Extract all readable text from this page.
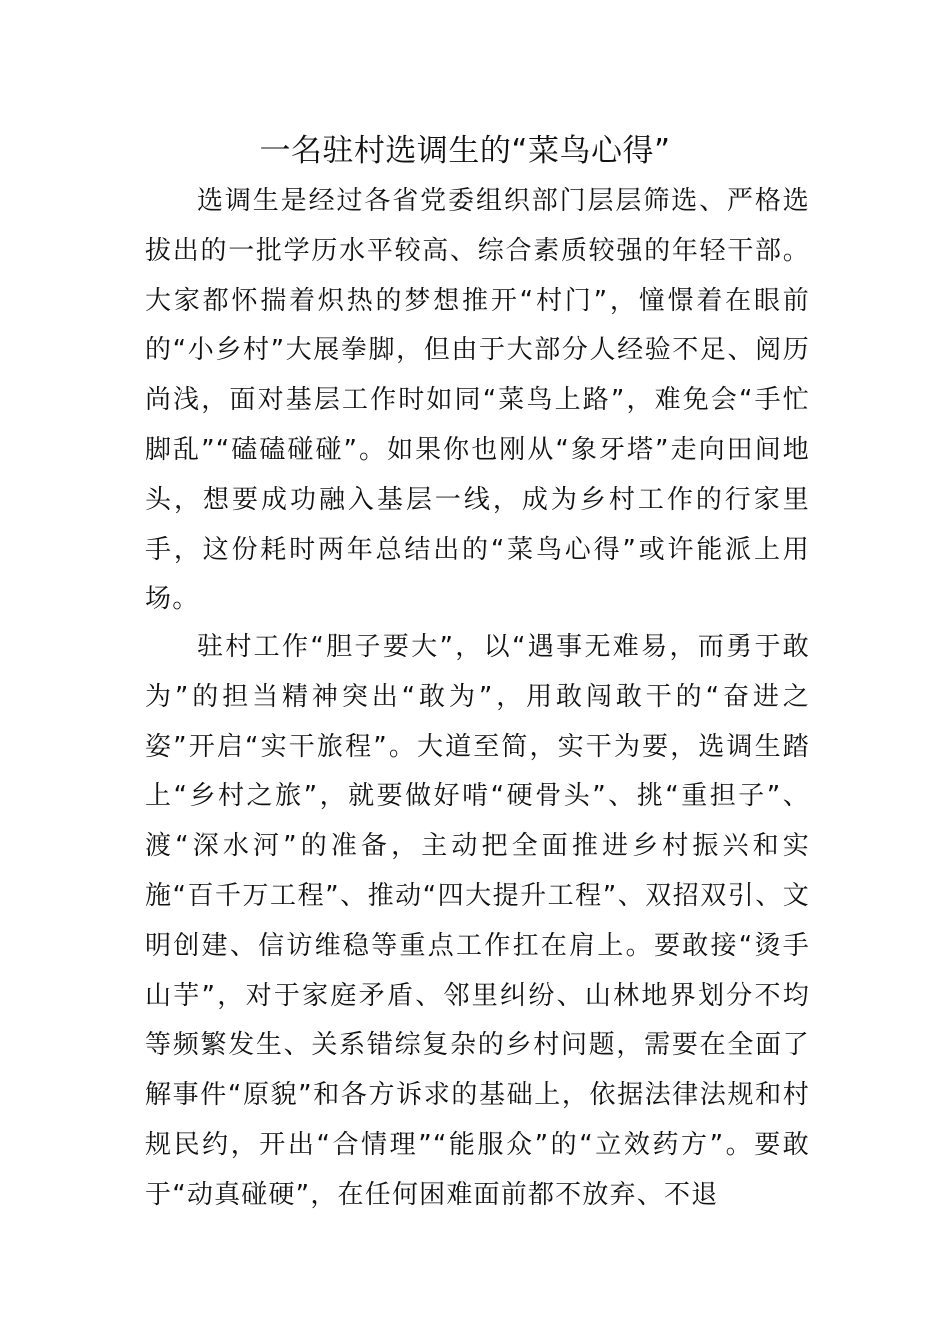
一名驻村选调生的“菜鸟心得”

选调生是经过各省党委组织部门层层筛选、严格选拔出的一批学历水平较高、综合素质较强的年轻干部。大家都怀揣着炽热的梦想推开“村门”，憧憬着在眼前的“小乡村”大展拳脚，但由于大部分人经验不足、阅历尚浅，面对基层工作时如同“菜鸟上路”，难免会“手忙脚乱”“磕磕碰碰”。如果你也刚从“象牙塔”走向田间地头，想要成功融入基层一线，成为乡村工作的行家里手，这份耗时两年总结出的“菜鸟心得”或许能派上用场。

驻村工作“胆子要大”，以“遇事无难易，而勇于敢为”的担当精神突出“敢为”，用敢闯敢干的“奋进之姿”开启“实干旅程”。大道至简，实干为要，选调生踏上“乡村之旅”，就要做好啃“硬骨头”、挑“重担子”、渡“深水河”的准备，主动把全面推进乡村振兴和实施“百千万工程”、推动“四大提升工程”、双招双引、文明创建、信访维稳等重点工作扛在肩上。要敢接“烫手山芋”，对于家庭矛盾、邻里纠纷、山林地界划分不均等频繁发生、关系错综复杂的乡村问题，需要在全面了解事件“原貌”和各方诉求的基础上，依据法律法规和村规民约，开出“合情理”“能服众”的“立效药方”。要敢于“动真碰硬”，在任何困难面前都不放弃、不退
